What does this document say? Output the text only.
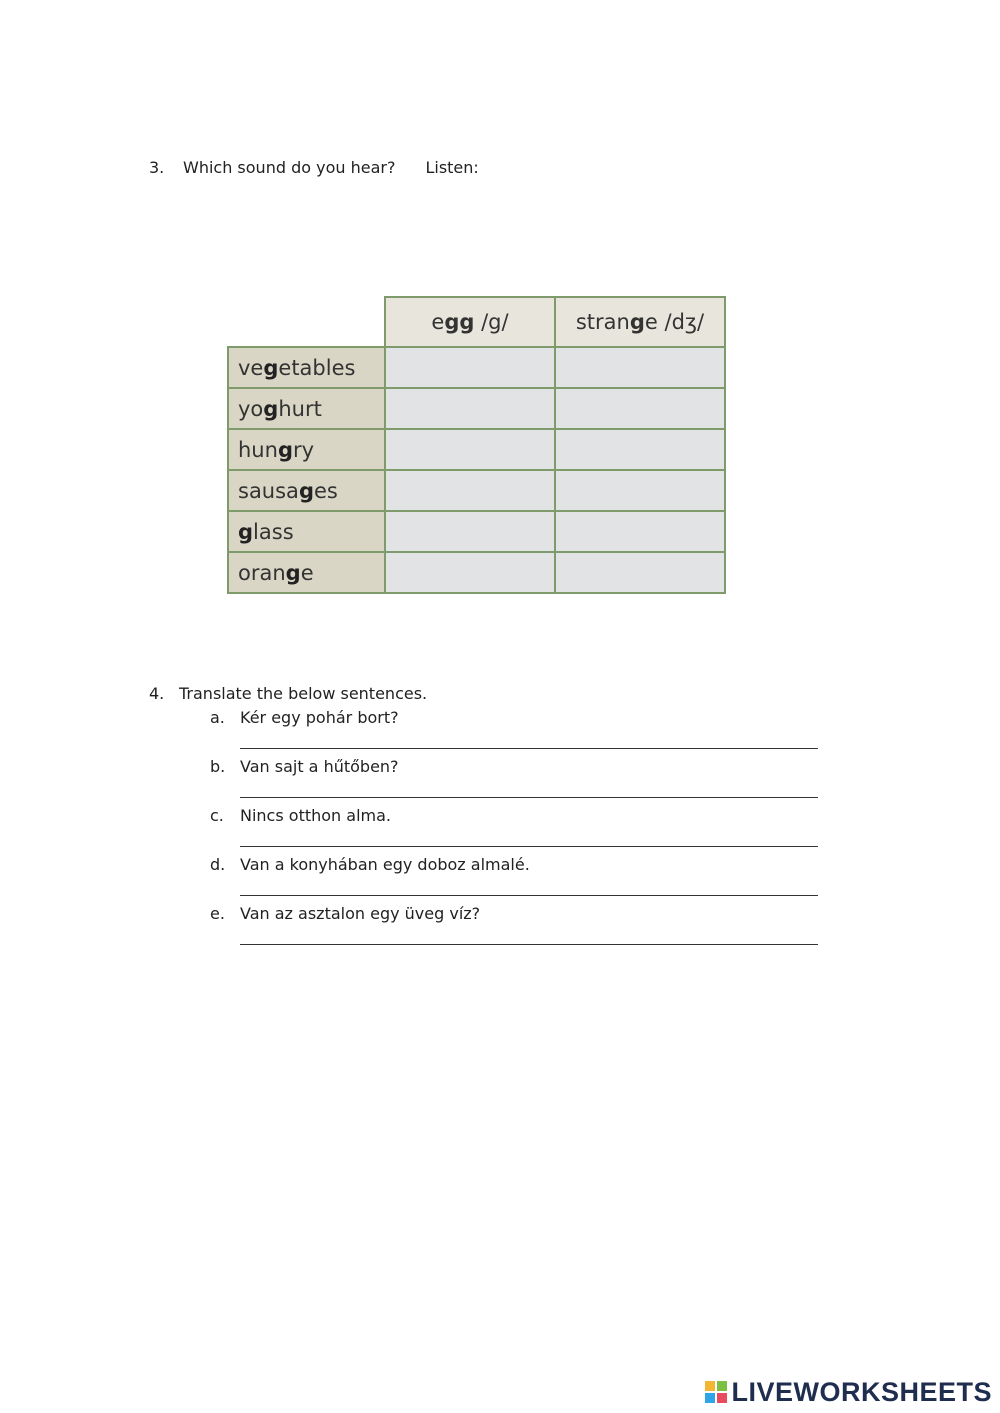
3. Which sound do you hear? Listen:
	egg /g/	strange /dʒ/
vegetables		
yoghurt		
hungry		
sausages		
glass		
orange		
4. Translate the below sentences.
a. Kér egy pohár bort?
b. Van sajt a hűtőben?
c. Nincs otthon alma.
d. Van a konyhában egy doboz almalé.
e. Van az asztalon egy üveg víz?
LIVEWORKSHEETS
